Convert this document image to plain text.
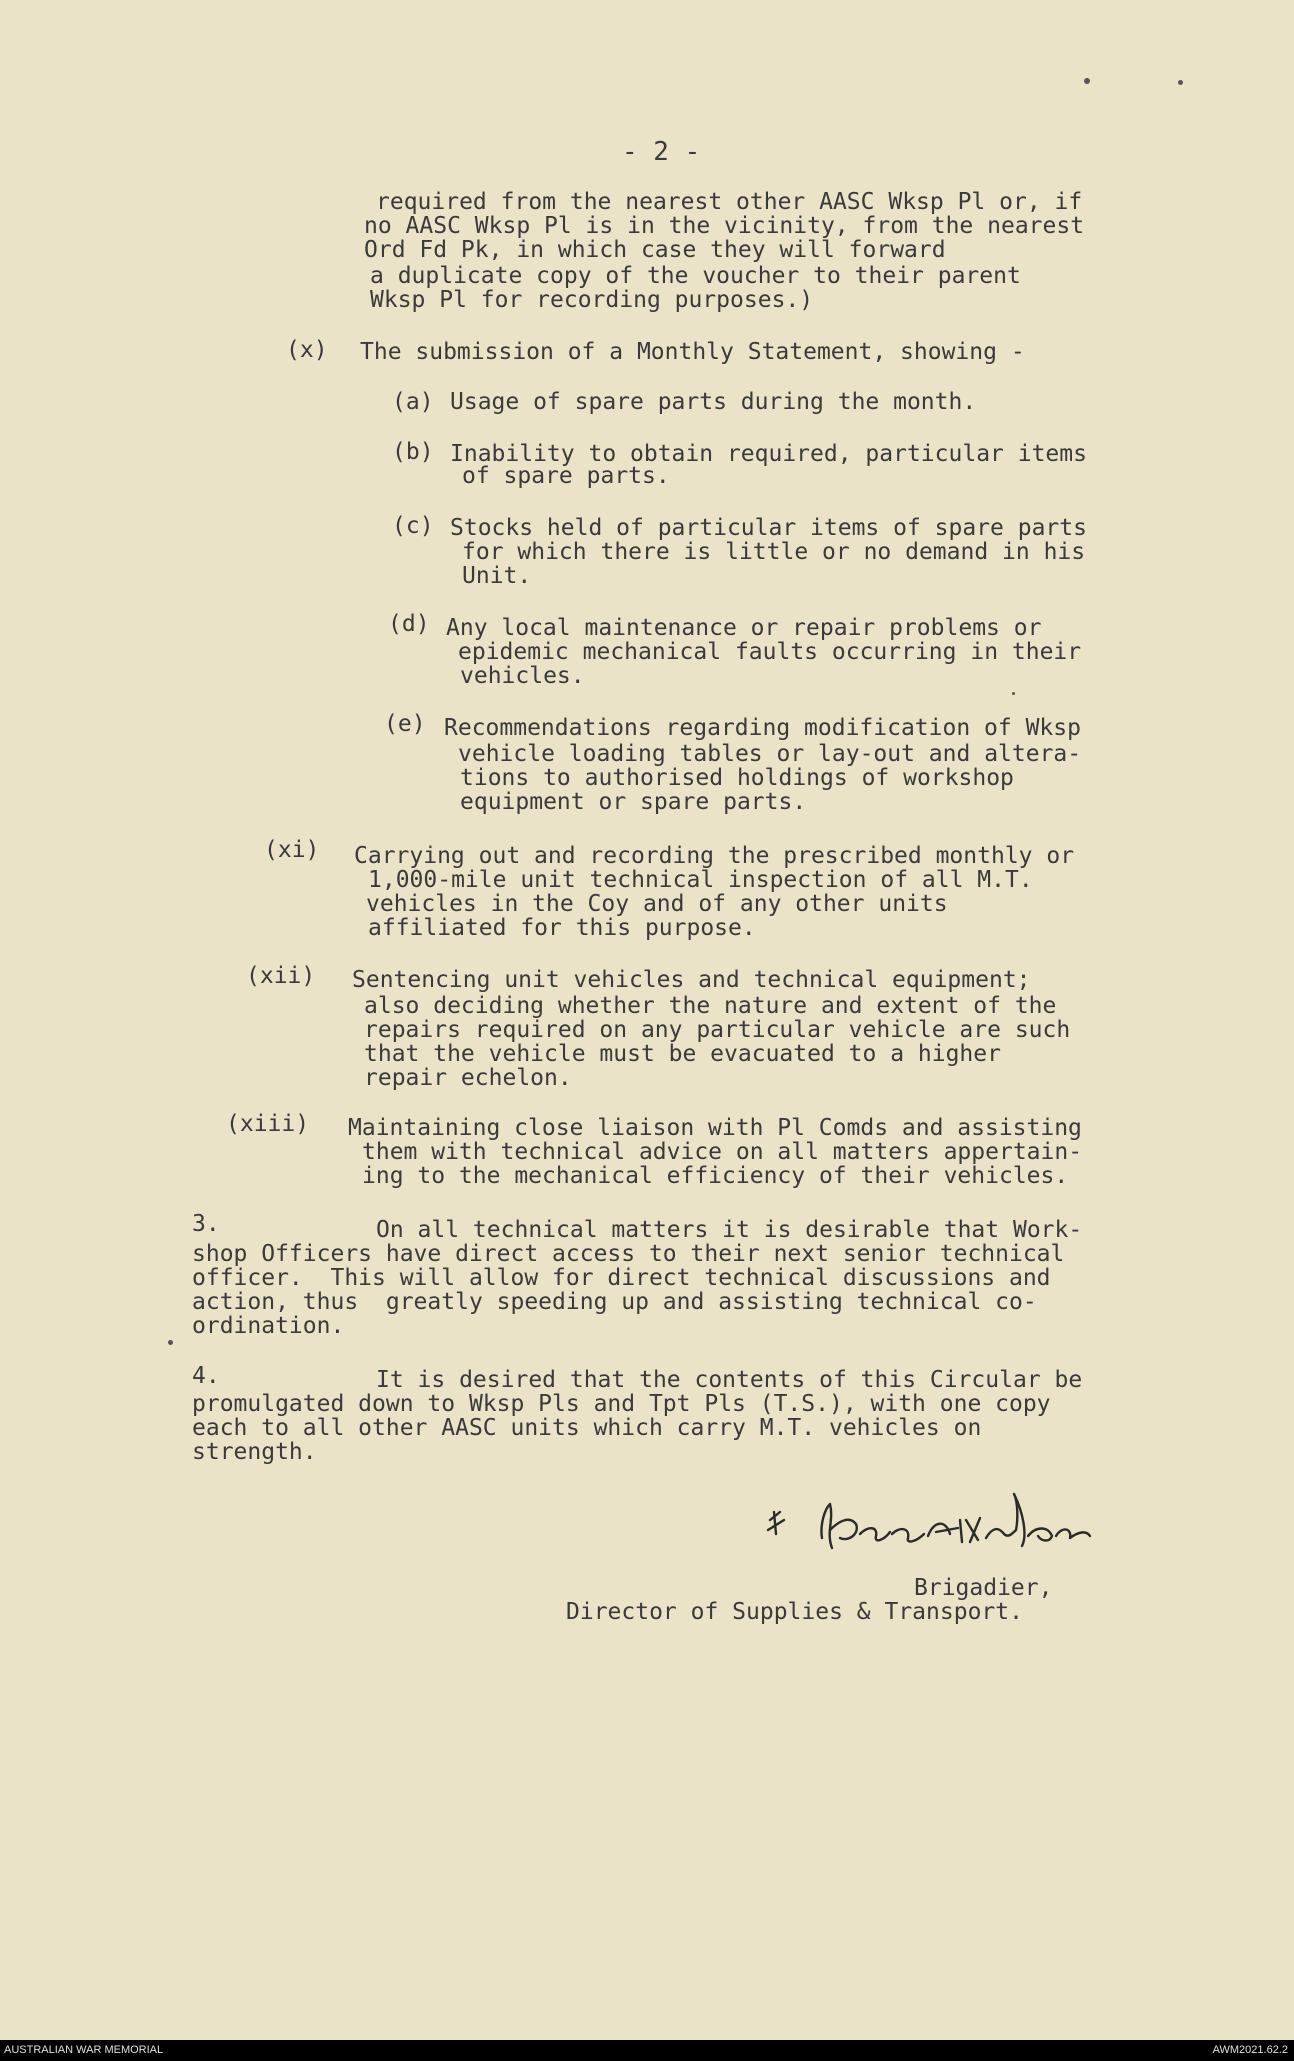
- 2 -

required from the nearest other AASC Wksp Pl or, if

no AASC Wksp Pl is in the vicinity, from the nearest

Ord Fd Pk, in which case they will forward

a duplicate copy of the voucher to their parent

Wksp Pl for recording purposes.)

(x) The submission of a Monthly Statement, showing -

(a) Usage of spare parts during the month.

(b) Inability to obtain required, particular items

of spare parts.

(c) Stocks held of particular items of spare parts

for which there is little or no demand in his

Unit.

(d) Any local maintenance or repair problems or

epidemic mechanical faults occurring in their

vehicles.

(e) Recommendations regarding modification of Wksp

vehicle loading tables or lay-out and altera-

tions to authorised holdings of workshop

equipment or spare parts.

(xi) Carrying out and recording the prescribed monthly or

1,000-mile unit technical inspection of all M.T.

vehicles in the Coy and of any other units

affiliated for this purpose.

(xii) Sentencing unit vehicles and technical equipment;

also deciding whether the nature and extent of the

repairs required on any particular vehicle are such

that the vehicle must be evacuated to a higher

repair echelon.

(xiii) Maintaining close liaison with Pl Comds and assisting

them with technical advice on all matters appertain-

ing to the mechanical efficiency of their vehicles.

3.	On all technical matters it is desirable that Work-

shop Officers have direct access to their next senior technical

officer.  This will allow for direct technical discussions and

action, thus  greatly speeding up and assisting technical co-

ordination.

4.	It is desired that the contents of this Circular be

promulgated down to Wksp Pls and Tpt Pls (T.S.), with one copy

each to all other AASC units which carry M.T. vehicles on

strength.

Brigadier,

Director of Supplies & Transport.

AUSTRALIAN WAR MEMORIAL	AWM2021.62.2
